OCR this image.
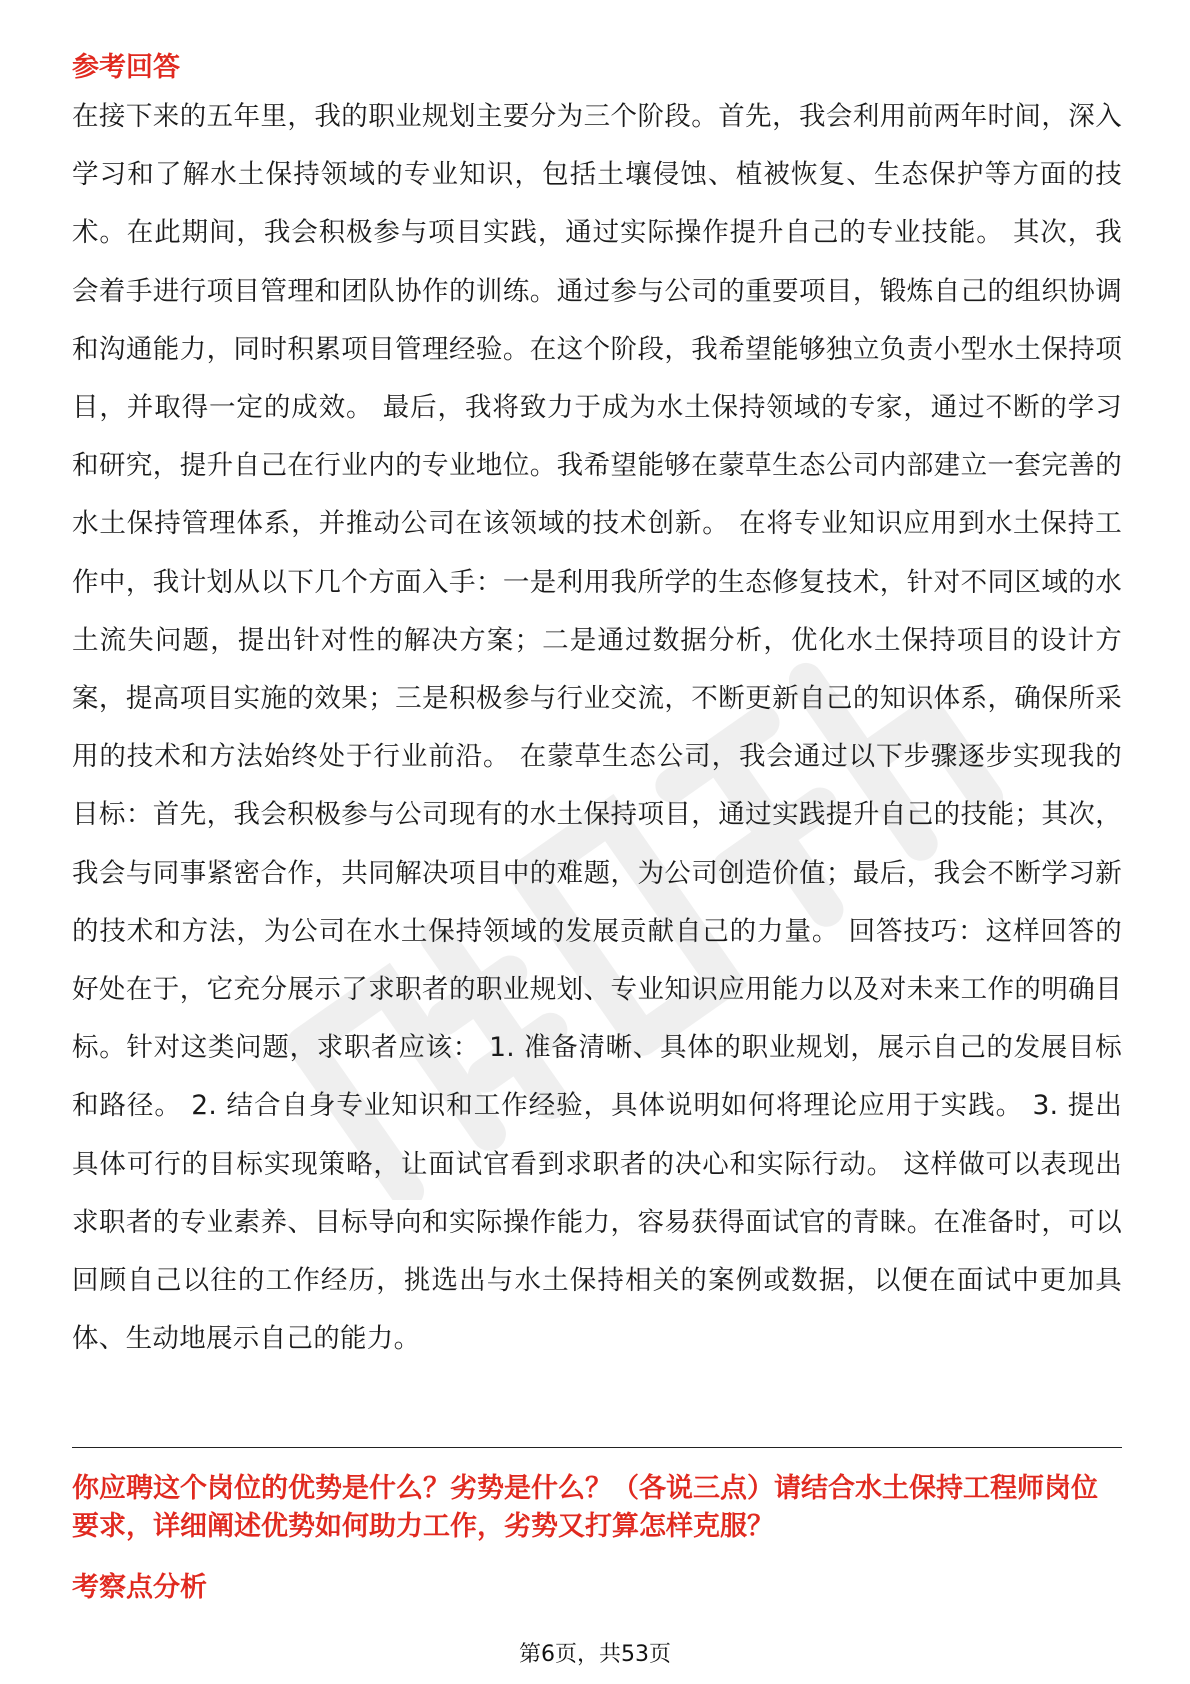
参考回答

在接下来的五年里，我的职业规划主要分为三个阶段。首先，我会利用前两年时间，深入学习和了解水土保持领域的专业知识，包括土壤侵蚀、植被恢复、生态保护等方面的技术。在此期间，我会积极参与项目实践，通过实际操作提升自己的专业技能。 其次，我会着手进行项目管理和团队协作的训练。通过参与公司的重要项目，锻炼自己的组织协调和沟通能力，同时积累项目管理经验。在这个阶段，我希望能够独立负责小型水土保持项目，并取得一定的成效。 最后，我将致力于成为水土保持领域的专家，通过不断的学习和研究，提升自己在行业内的专业地位。我希望能够在蒙草生态公司内部建立一套完善的水土保持管理体系，并推动公司在该领域的技术创新。 在将专业知识应用到水土保持工作中，我计划从以下几个方面入手：一是利用我所学的生态修复技术，针对不同区域的水土流失问题，提出针对性的解决方案；二是通过数据分析，优化水土保持项目的设计方案，提高项目实施的效果；三是积极参与行业交流，不断更新自己的知识体系，确保所采用的技术和方法始终处于行业前沿。 在蒙草生态公司，我会通过以下步骤逐步实现我的目标：首先，我会积极参与公司现有的水土保持项目，通过实践提升自己的技能；其次，我会与同事紧密合作，共同解决项目中的难题，为公司创造价值；最后，我会不断学习新的技术和方法，为公司在水土保持领域的发展贡献自己的力量。 回答技巧：这样回答的好处在于，它充分展示了求职者的职业规划、专业知识应用能力以及对未来工作的明确目标。针对这类问题，求职者应该： 1. 准备清晰、具体的职业规划，展示自己的发展目标和路径。 2. 结合自身专业知识和工作经验，具体说明如何将理论应用于实践。 3. 提出具体可行的目标实现策略，让面试官看到求职者的决心和实际行动。 这样做可以表现出求职者的专业素养、目标导向和实际操作能力，容易获得面试官的青睐。在准备时，可以回顾自己以往的工作经历，挑选出与水土保持相关的案例或数据，以便在面试中更加具体、生动地展示自己的能力。

你应聘这个岗位的优势是什么？劣势是什么？（各说三点）请结合水土保持工程师岗位要求，详细阐述优势如何助力工作，劣势又打算怎样克服？

考察点分析

第6页，共53页
